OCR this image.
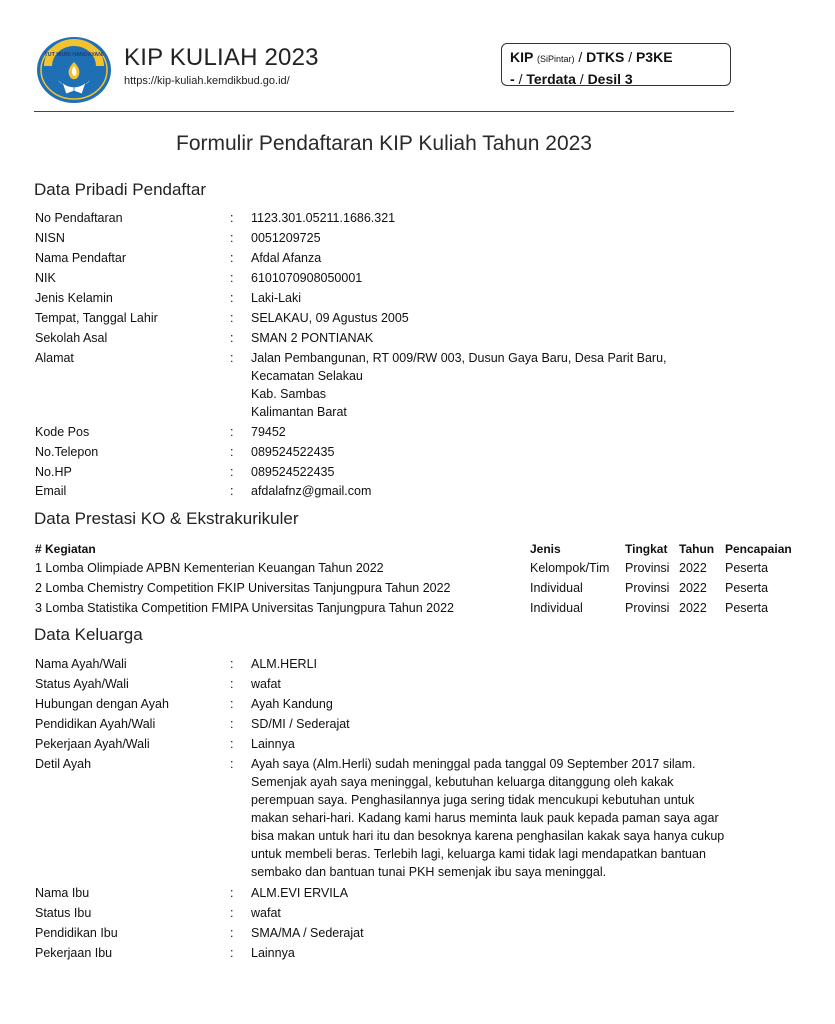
TUT WURI HANDAYANI KIP KULIAH 2023
https://kip-kuliah.kemdikbud.go.id/
KIP (SiPintar) / DTKS / P3KE
- / Terdata / Desil 3
Formulir Pendaftaran KIP Kuliah Tahun 2023
Data Pribadi Pendaftar
No Pendaftaran	: 1123.301.05211.1686.321
NISN	: 0051209725
Nama Pendaftar	: Afdal Afanza
NIK	: 6101070908050001
Jenis Kelamin	: Laki-Laki
Tempat, Tanggal Lahir	: SELAKAU, 09 Agustus 2005
Sekolah Asal	: SMAN 2 PONTIANAK
Alamat	: Jalan Pembangunan, RT 009/RW 003, Dusun Gaya Baru, Desa Parit Baru,
Kecamatan Selakau
Kab. Sambas
Kalimantan Barat
Kode Pos	: 79452
No.Telepon	: 089524522435
No.HP	: 089524522435
Email	: afdalafnz@gmail.com
Data Prestasi KO & Ekstrakurikuler
# Kegiatan	Jenis	Tingkat Tahun Pencapaian
1 Lomba Olimpiade APBN Kementerian Keuangan Tahun 2022	Kelompok/Tim Provinsi 2022 Peserta
2 Lomba Chemistry Competition FKIP Universitas Tanjungpura Tahun 2022	Individual	Provinsi 2022 Peserta
3 Lomba Statistika Competition FMIPA Universitas Tanjungpura Tahun 2022	Individual	Provinsi 2022 Peserta
Data Keluarga
Nama Ayah/Wali	: ALM.HERLI
Status Ayah/Wali	: wafat
Hubungan dengan Ayah	: Ayah Kandung
Pendidikan Ayah/Wali	: SD/MI / Sederajat
Pekerjaan Ayah/Wali	: Lainnya
Detil Ayah	: Ayah saya (Alm.Herli) sudah meninggal pada tanggal 09 September 2017 silam.
Semenjak ayah saya meninggal, kebutuhan keluarga ditanggung oleh kakak
perempuan saya. Penghasilannya juga sering tidak mencukupi kebutuhan untuk
makan sehari-hari. Kadang kami harus meminta lauk pauk kepada paman saya agar
bisa makan untuk hari itu dan besoknya karena penghasilan kakak saya hanya cukup
untuk membeli beras. Terlebih lagi, keluarga kami tidak lagi mendapatkan bantuan
sembako dan bantuan tunai PKH semenjak ibu saya meninggal.
Nama Ibu	: ALM.EVI ERVILA
Status Ibu	: wafat
Pendidikan Ibu	: SMA/MA / Sederajat
Pekerjaan Ibu	: Lainnya
